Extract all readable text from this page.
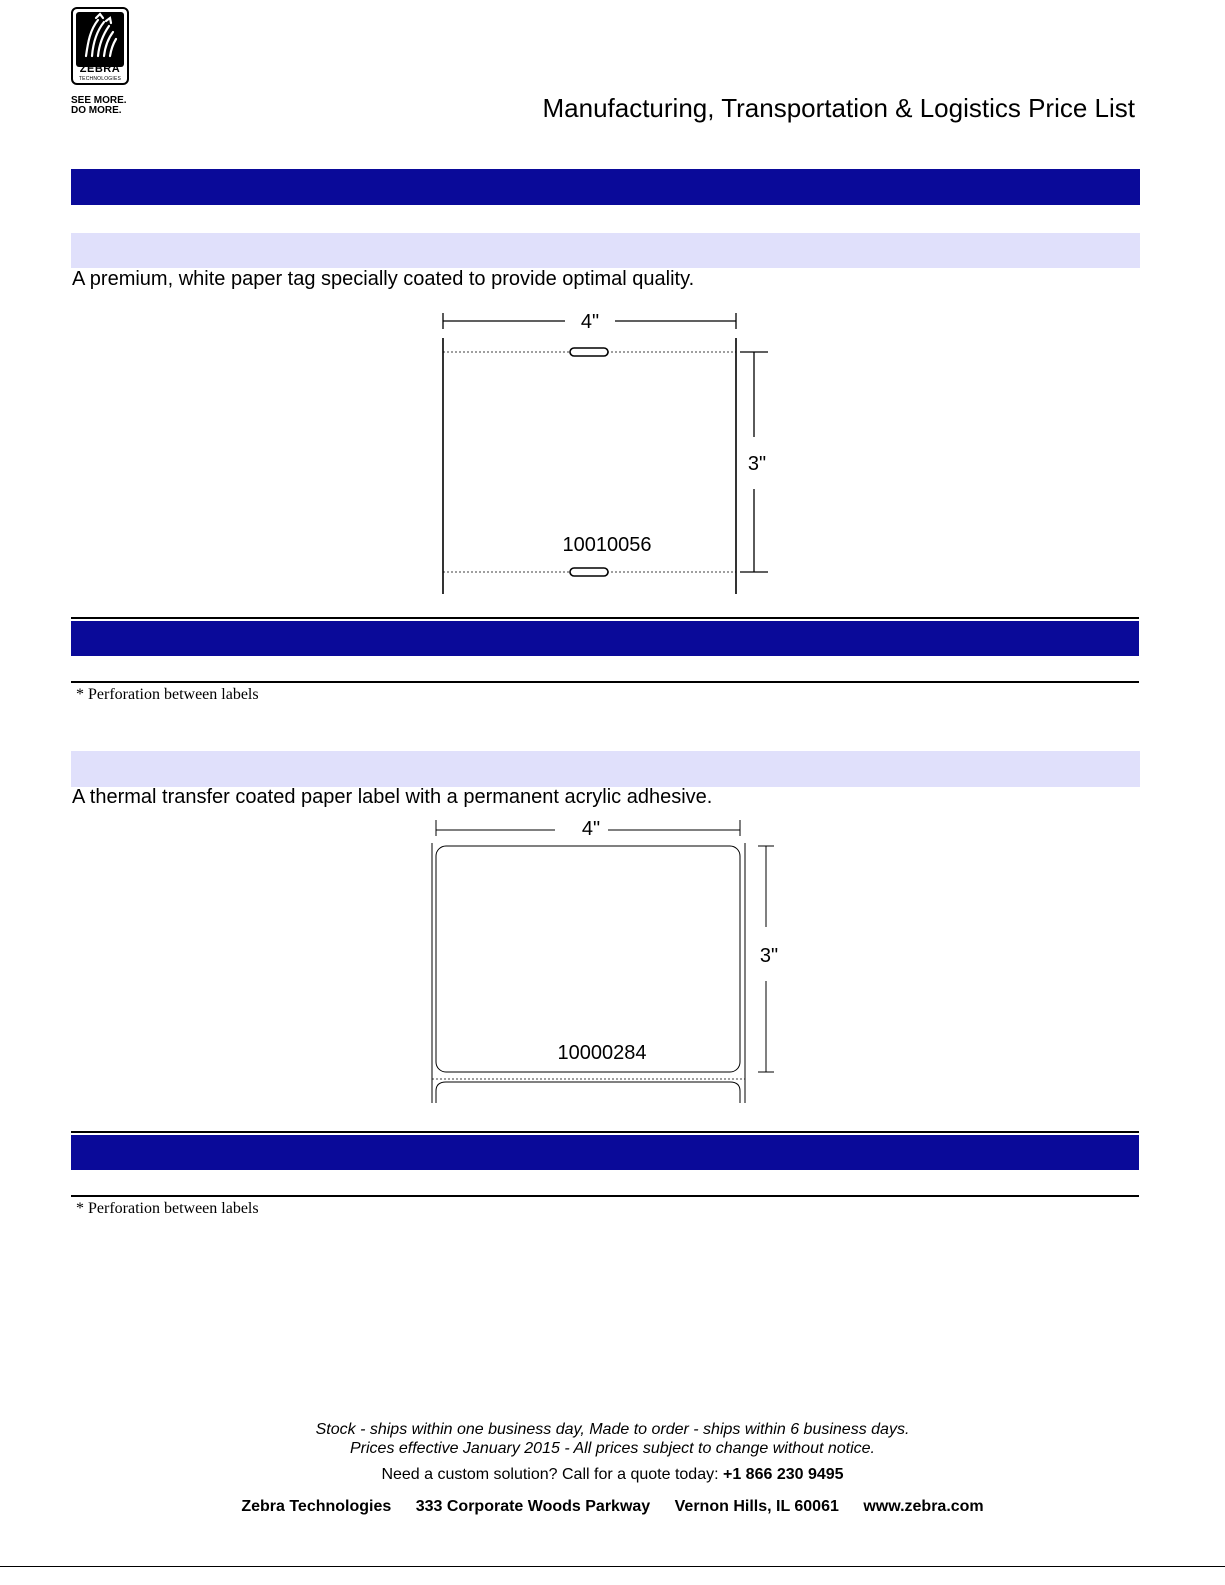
ZEBRA
TECHNOLOGIES
SEE MORE.
DO MORE.	Manufacturing, Transportation & Logistics Price List
A premium, white paper tag specially coated to provide optimal quality.
4"
3"
10010056
* Perforation between labels
A thermal transfer coated paper label with a permanent acrylic adhesive.
4"
3"
10000284
* Perforation between labels
Stock - ships within one business day, Made to order - ships within 6 business days.
Prices effective January 2015 - All prices subject to change without notice.
Need a custom solution? Call for a quote today: +1 866 230 9495
Zebra Technologies 333 Corporate Woods Parkway Vernon Hills, IL 60061 www.zebra.com
